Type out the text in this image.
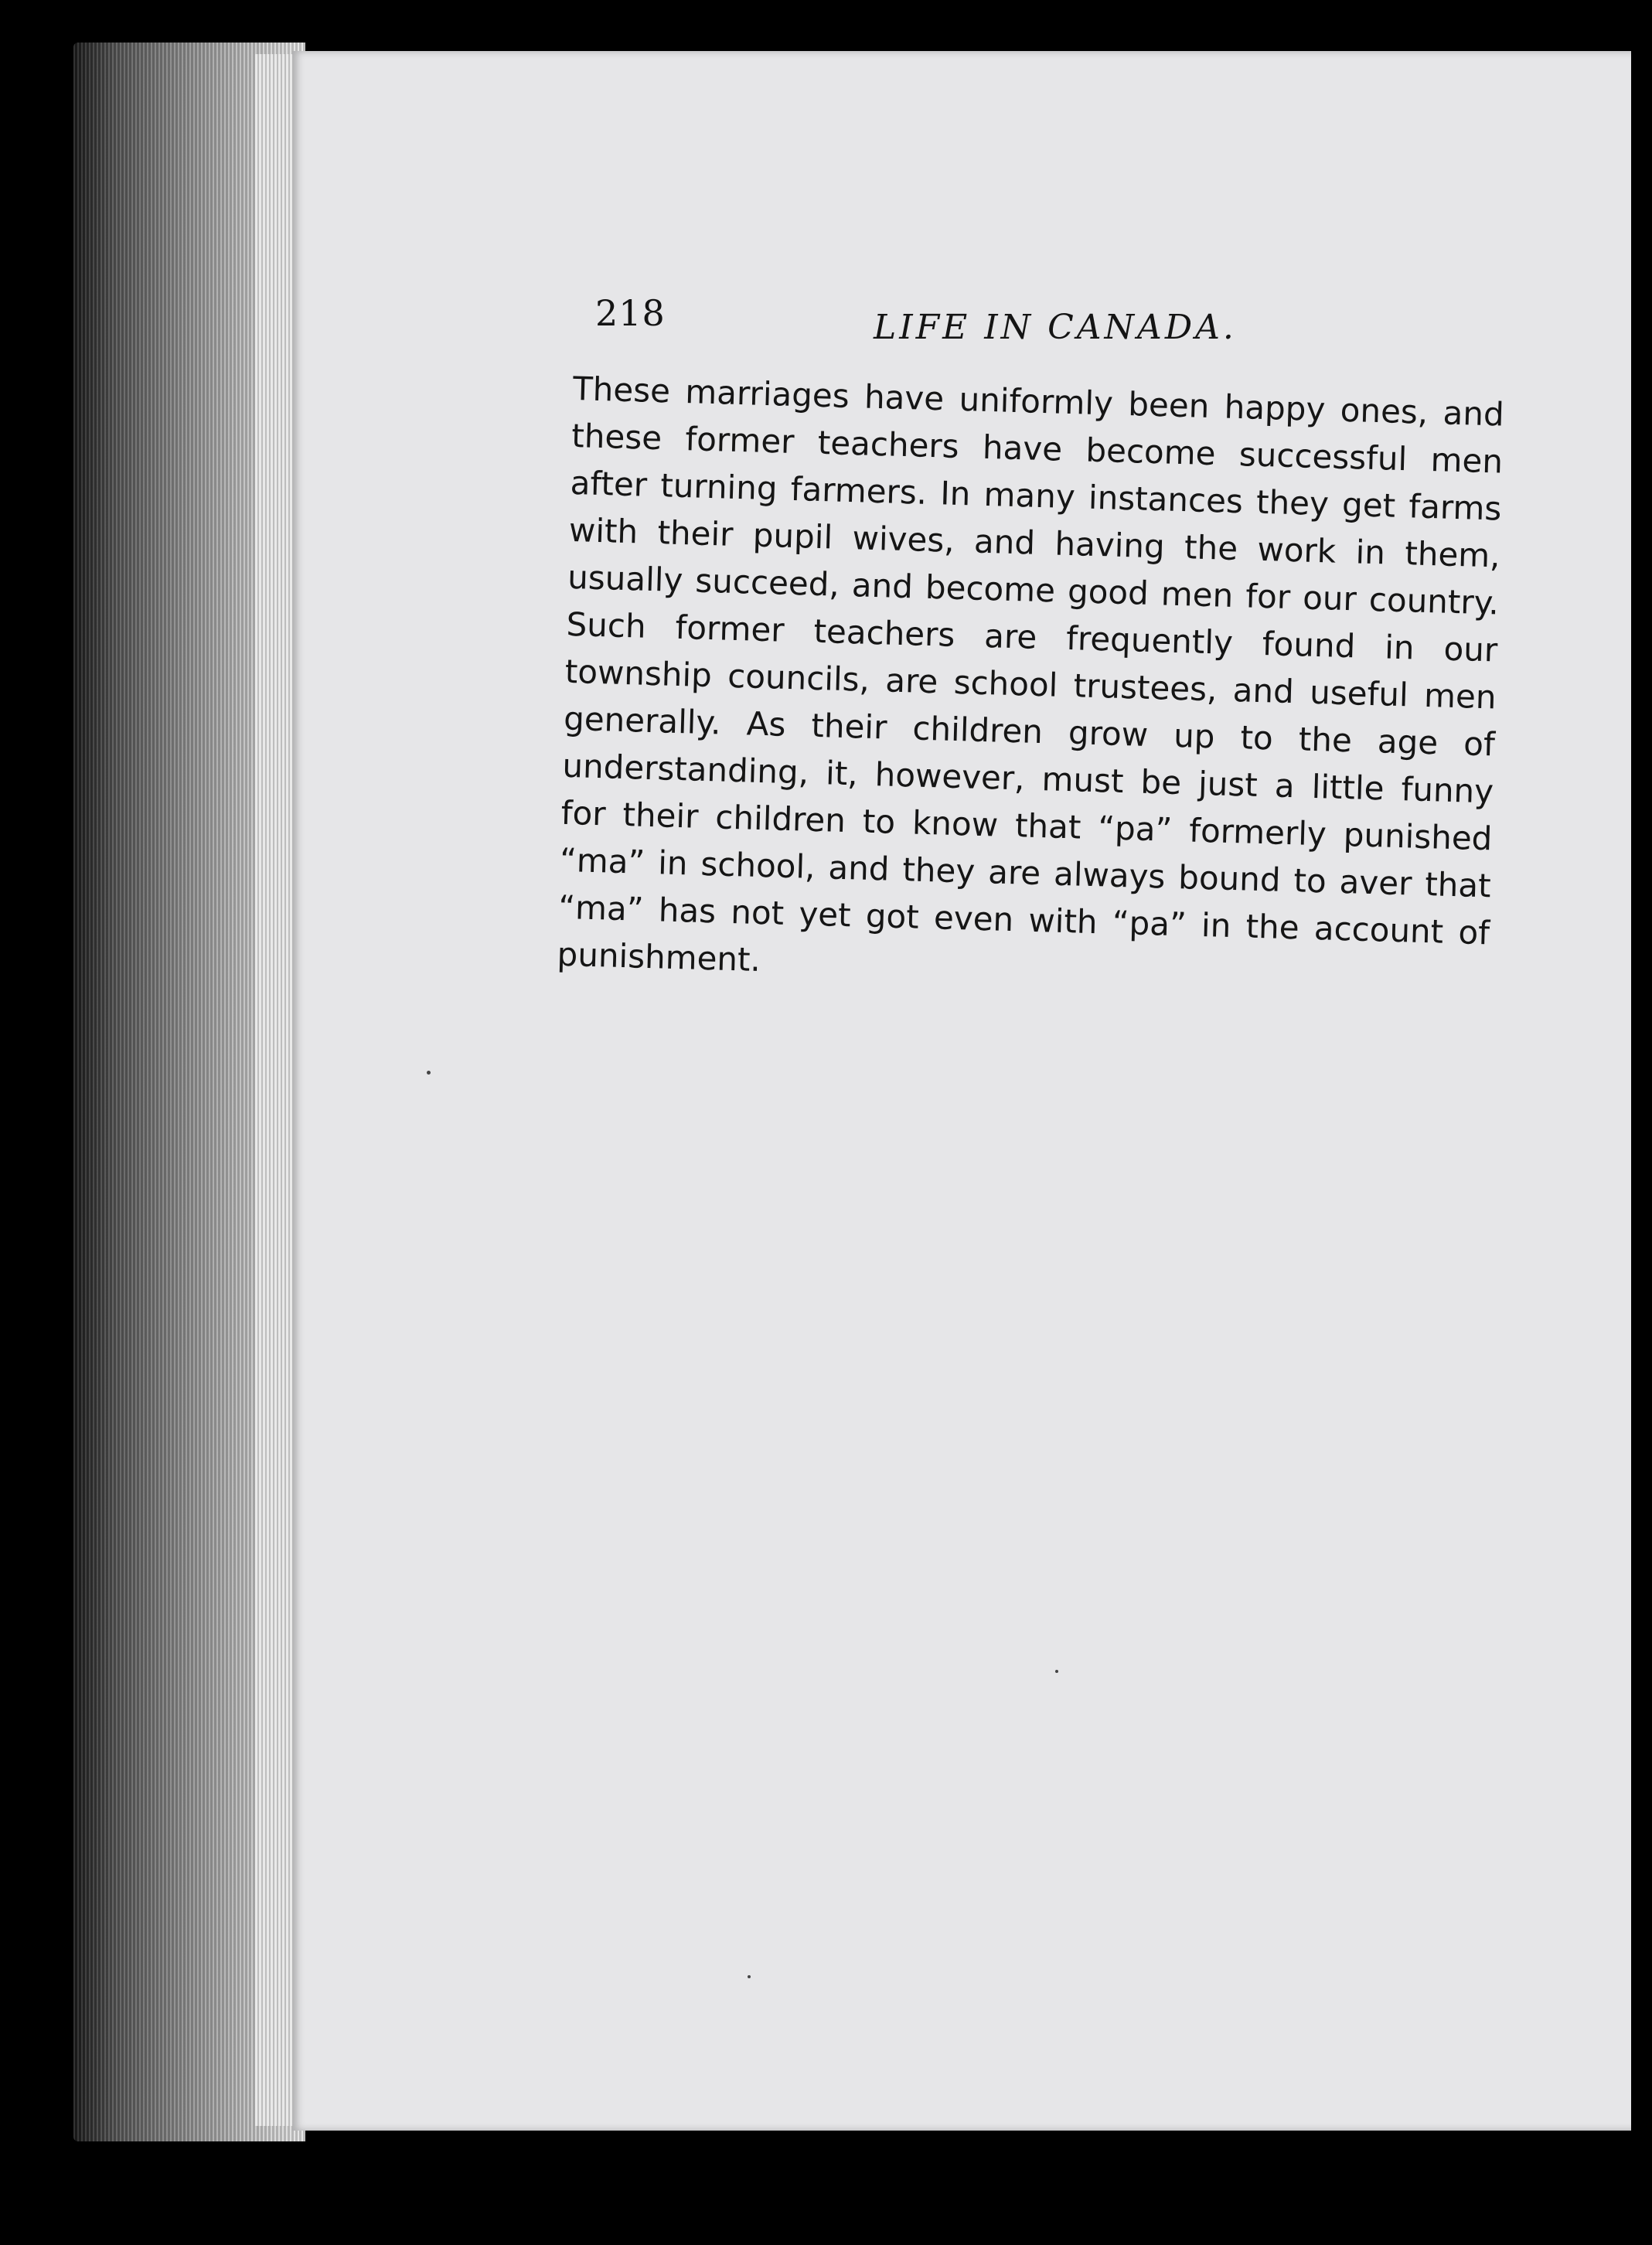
218	LIFE IN CANADA.

These marriages have uniformly been happy ones, and these former teachers have become successful men after turning farmers. In many instances they get farms with their pupil wives, and having the work in them, usually succeed, and become good men for our country. Such former teachers are frequently found in our township councils, are school trustees, and useful men generally. As their children grow up to the age of understanding, it, however, must be just a little funny for their children to know that “pa” formerly punished “ma” in school, and they are always bound to aver that “ma” has not yet got even with “pa” in the account of punishment.
